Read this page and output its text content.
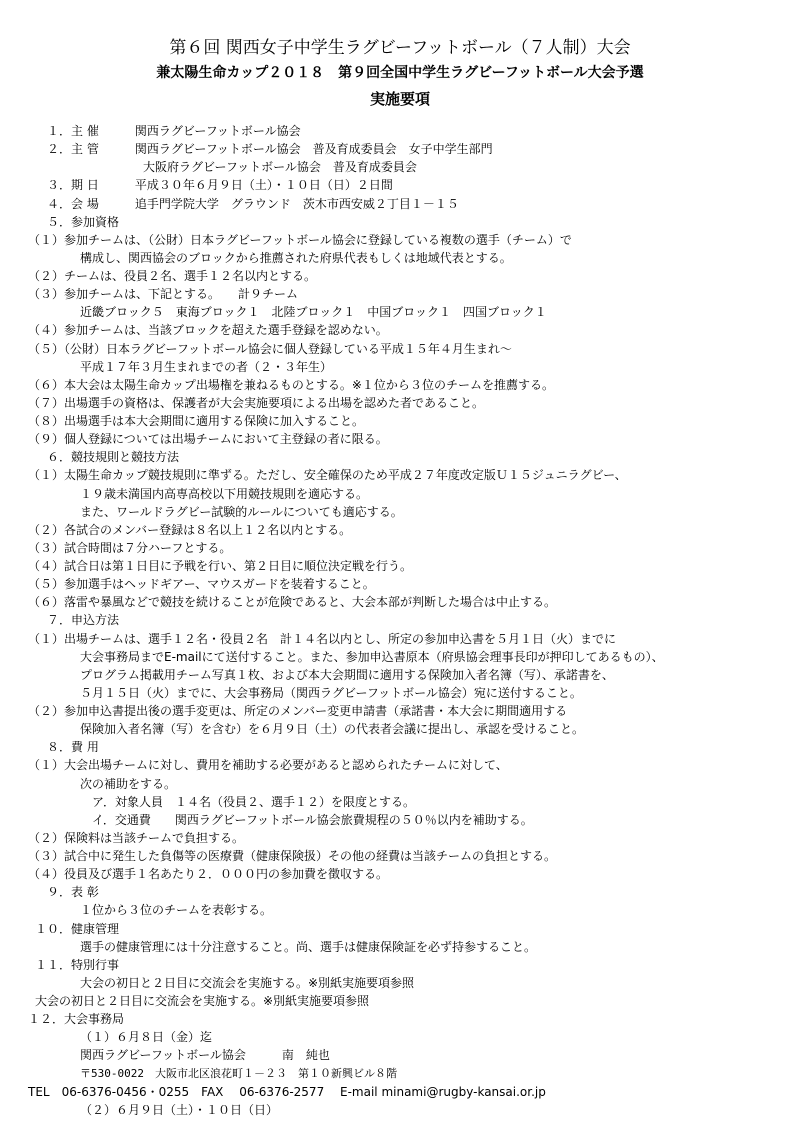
第６回 関西女子中学生ラグビーフットボール（７人制）大会
兼太陽生命カップ２０１８　第９回全国中学生ラグビーフットボール大会予選
実施要項
１．主 催　　　関西ラグビーフットボール協会
２．主 管　　　関西ラグビーフットボール協会　普及育成委員会　女子中学生部門
大阪府ラグビーフットボール協会　普及育成委員会
３．期 日　　　平成３０年６月９日（土）・１０日（日）２日間
４．会 場　　　追手門学院大学　グラウンド　茨木市西安威２丁目１－１５
５．参加資格
（１）参加チームは、（公財）日本ラグビーフットボール協会に登録している複数の選手（チーム）で
構成し、関西協会のブロックから推薦された府県代表もしくは地域代表とする。
（２）チームは、役員２名、選手１２名以内とする。
（３）参加チームは、下記とする。　　計９チーム
近畿ブロック５　東海ブロック１　北陸ブロック１　中国ブロック１　四国ブロック１
（４）参加チームは、当該ブロックを超えた選手登録を認めない。
（５）（公財）日本ラグビーフットボール協会に個人登録している平成１５年４月生まれ～
平成１７年３月生まれまでの者（２・３年生）
（６）本大会は太陽生命カップ出場権を兼ねるものとする。※１位から３位のチームを推薦する。
（７）出場選手の資格は、保護者が大会実施要項による出場を認めた者であること。
（８）出場選手は本大会期間に適用する保険に加入すること。
（９）個人登録については出場チームにおいて主登録の者に限る。
６．競技規則と競技方法
（１）太陽生命カップ競技規則に準ずる。ただし、安全確保のため平成２７年度改定版Ｕ１５ジュニラグビー、
１９歳未満国内高専高校以下用競技規則を適応する。
また、ワールドラグビー試験的ルールについても適応する。
（２）各試合のメンバー登録は８名以上１２名以内とする。
（３）試合時間は７分ハーフとする。
（４）試合日は第１日目に予戦を行い、第２日目に順位決定戦を行う。
（５）参加選手はヘッドギアー、マウスガードを装着すること。
（６）落雷や暴風などで競技を続けることが危険であると、大会本部が判断した場合は中止する。
７．申込方法
（１）出場チームは、選手１２名・役員２名　計１４名以内とし、所定の参加申込書を５月１日（火）までに
大会事務局までE-mailにて送付すること。また、参加申込書原本（府県協会理事長印が押印してあるもの）、
プログラム掲載用チーム写真１枚、および本大会期間に適用する保険加入者名簿（写）、承諾書を、
５月１５日（火）までに、大会事務局（関西ラグビーフットボール協会）宛に送付すること。
（２）参加申込書提出後の選手変更は、所定のメンバー変更申請書（承諾書・本大会に期間適用する
保険加入者名簿（写）を含む）を６月９日（土）の代表者会議に提出し、承認を受けること。
８．費 用
（１）大会出場チームに対し、費用を補助する必要があると認められたチームに対して、
次の補助をする。
ア．対象人員　１４名（役員２、選手１２）を限度とする。
イ．交通費　　関西ラグビーフットボール協会旅費規程の５０％以内を補助する。
（２）保険料は当該チームで負担する。
（３）試合中に発生した負傷等の医療費（健康保険扱）その他の経費は当該チームの負担とする。
（４）役員及び選手１名あたり２．０００円の参加費を徴収する。
９．表 彰
１位から３位のチームを表彰する。
１０．健康管理
選手の健康管理には十分注意すること。尚、選手は健康保険証を必ず持参すること。
１１．特別行事
大会の初日と２日目に交流会を実施する。※別紙実施要項参照
大会の初日と２日目に交流会を実施する。※別紙実施要項参照
１２．大会事務局
（１）６月８日（金）迄
関西ラグビーフットボール協会　　　南　純也
〒530-0022　大阪市北区浪花町１－２３　第１０新興ビル８階
TEL　06-6376-0456・0255　FAX　 06-6376-2577　 E-mail minami@rugby-kansai.or.jp
（２）６月９日（土）・１０日（日）
